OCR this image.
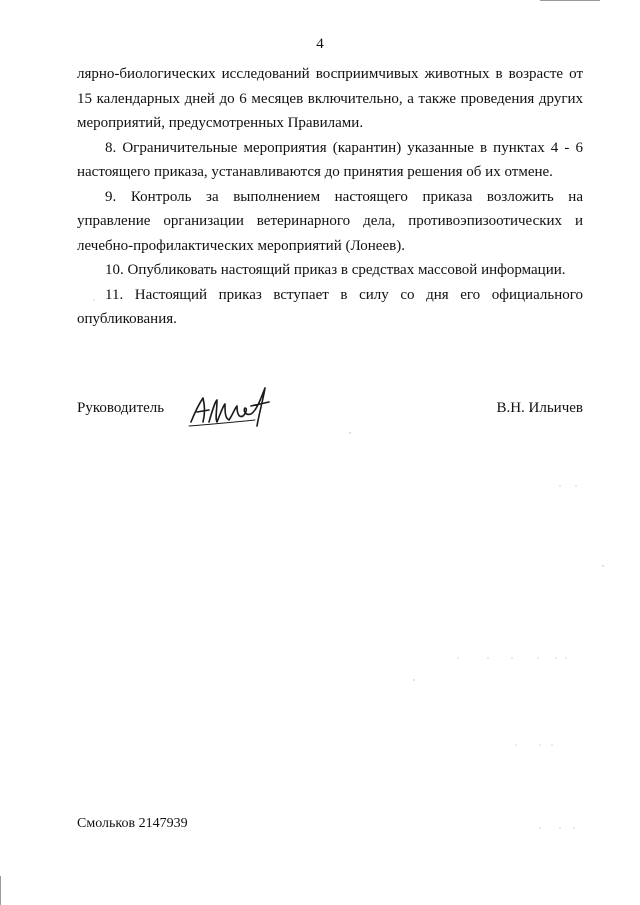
4

лярно-биологических исследований восприимчивых животных в возрасте от 15 календарных дней до 6 месяцев включительно, а также проведения других мероприятий, предусмотренных Правилами.

8. Ограничительные мероприятия (карантин) указанные в пунктах 4 - 6 настоящего приказа, устанавливаются до принятия решения об их отмене.

9. Контроль за выполнением настоящего приказа возложить на управление организации ветеринарного дела, противоэпизоотических и лечебно-профилактических мероприятий (Лонеев).

10. Опубликовать настоящий приказ в средствах массовой информации.

11. Настоящий приказ вступает в силу со дня его официального опубликования.

Руководитель	В.Н. Ильичев
Смольков 2147939
